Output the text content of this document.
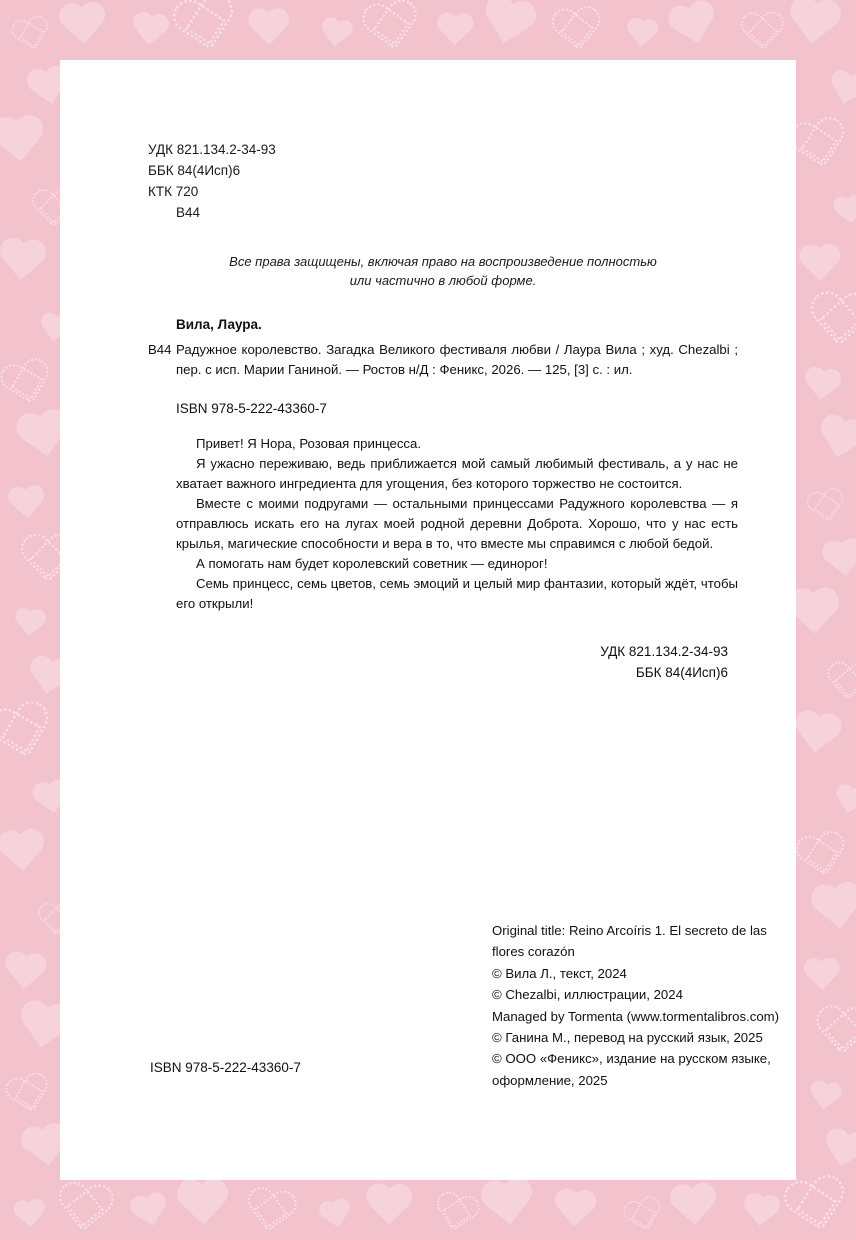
УДК 821.134.2-34-93
ББК 84(4Исп)6
КТК 720
В44
Все права защищены, включая право на воспроизведение полностью
или частично в любой форме.
Вила, Лаура.
В44 Радужное королевство. Загадка Великого фестиваля любви / Лаура Вила ; худ. Chezalbi ; пер. с исп. Марии Ганиной. — Ростов н/Д : Феникс, 2026. — 125, [3] с. : ил.
ISBN 978-5-222-43360-7

Привет! Я Нора, Розовая принцесса.

Я ужасно переживаю, ведь приближается мой самый любимый фестиваль, а у нас не хватает важного ингредиента для угощения, без которого торжество не состоится.

Вместе с моими подругами — остальными принцессами Радужного королевства — я отправлюсь искать его на лугах моей родной деревни Доброта. Хорошо, что у нас есть крылья, магические способности и вера в то, что вместе мы справимся с любой бедой.

А помогать нам будет королевский советник — единорог!

Семь принцесс, семь цветов, семь эмоций и целый мир фантазии, который ждёт, чтобы его открыли!

УДК 821.134.2-34-93
ББК 84(4Исп)6
Original title: Reino Arcoíris 1. El secreto de las
flores corazón
© Вила Л., текст, 2024
© Chezalbi, иллюстрации, 2024
Managed by Tormenta (www.tormentalibros.com)
© Ганина М., перевод на русский язык, 2025
© ООО «Феникс», издание на русском языке,
оформление, 2025
ISBN 978-5-222-43360-7
